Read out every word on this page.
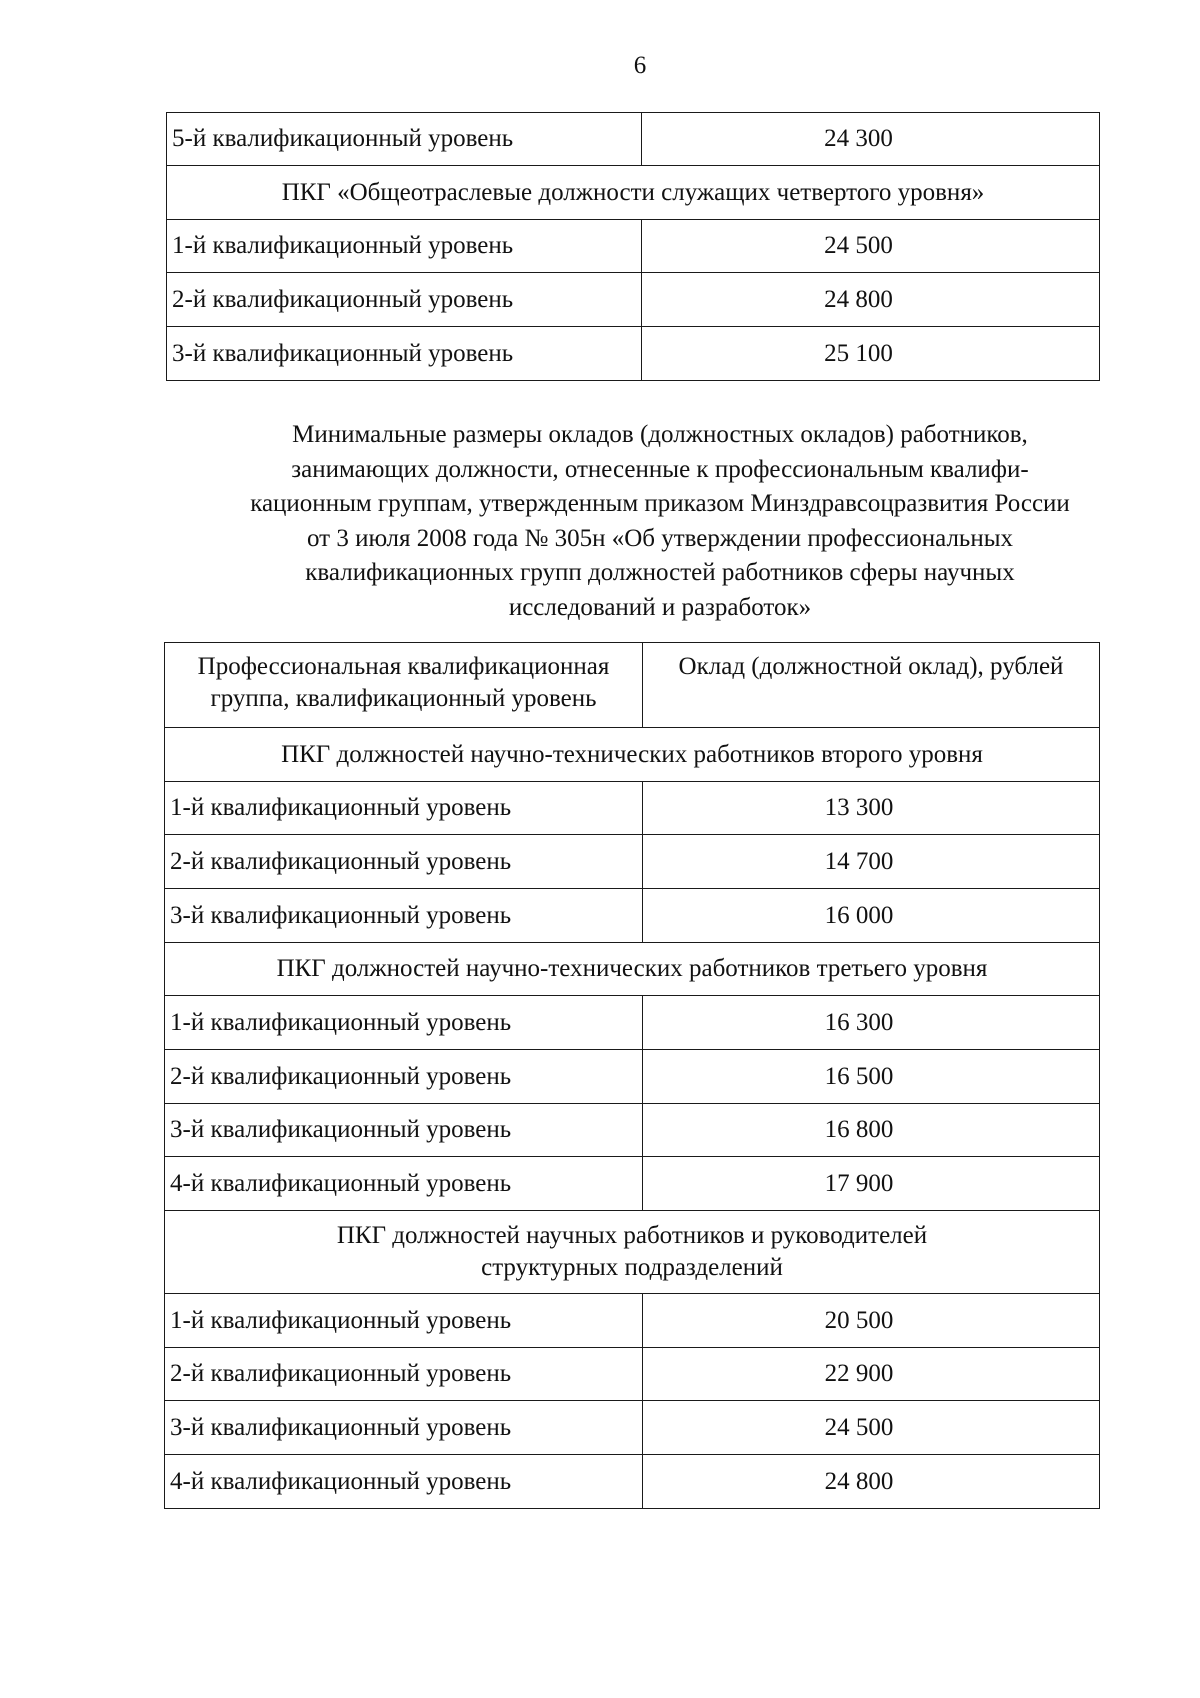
6
5-й квалификационный уровень	24 300
ПКГ «Общеотраслевые должности служащих четвертого уровня»	
1-й квалификационный уровень	24 500
2-й квалификационный уровень	24 800
3-й квалификационный уровень	25 100
Минимальные размеры окладов (должностных окладов) работников,
занимающих должности, отнесенные к профессиональным квалифи-
кационным группам, утвержденным приказом Минздравсоцразвития России
от 3 июля 2008 года № 305н «Об утверждении профессиональных
квалификационных групп должностей работников сферы научных
исследований и разработок»
Профессиональная квалификационная группа, квалификационный уровень	Оклад (должностной оклад), рублей
ПКГ должностей научно-технических работников второго уровня	
1-й квалификационный уровень	13 300
2-й квалификационный уровень	14 700
3-й квалификационный уровень	16 000
ПКГ должностей научно-технических работников третьего уровня	
1-й квалификационный уровень	16 300
2-й квалификационный уровень	16 500
3-й квалификационный уровень	16 800
4-й квалификационный уровень	17 900

ПКГ должностей научных работников и руководителей
структурных подразделений	

1-й квалификационный уровень	20 500
2-й квалификационный уровень	22 900
3-й квалификационный уровень	24 500
4-й квалификационный уровень	24 800
